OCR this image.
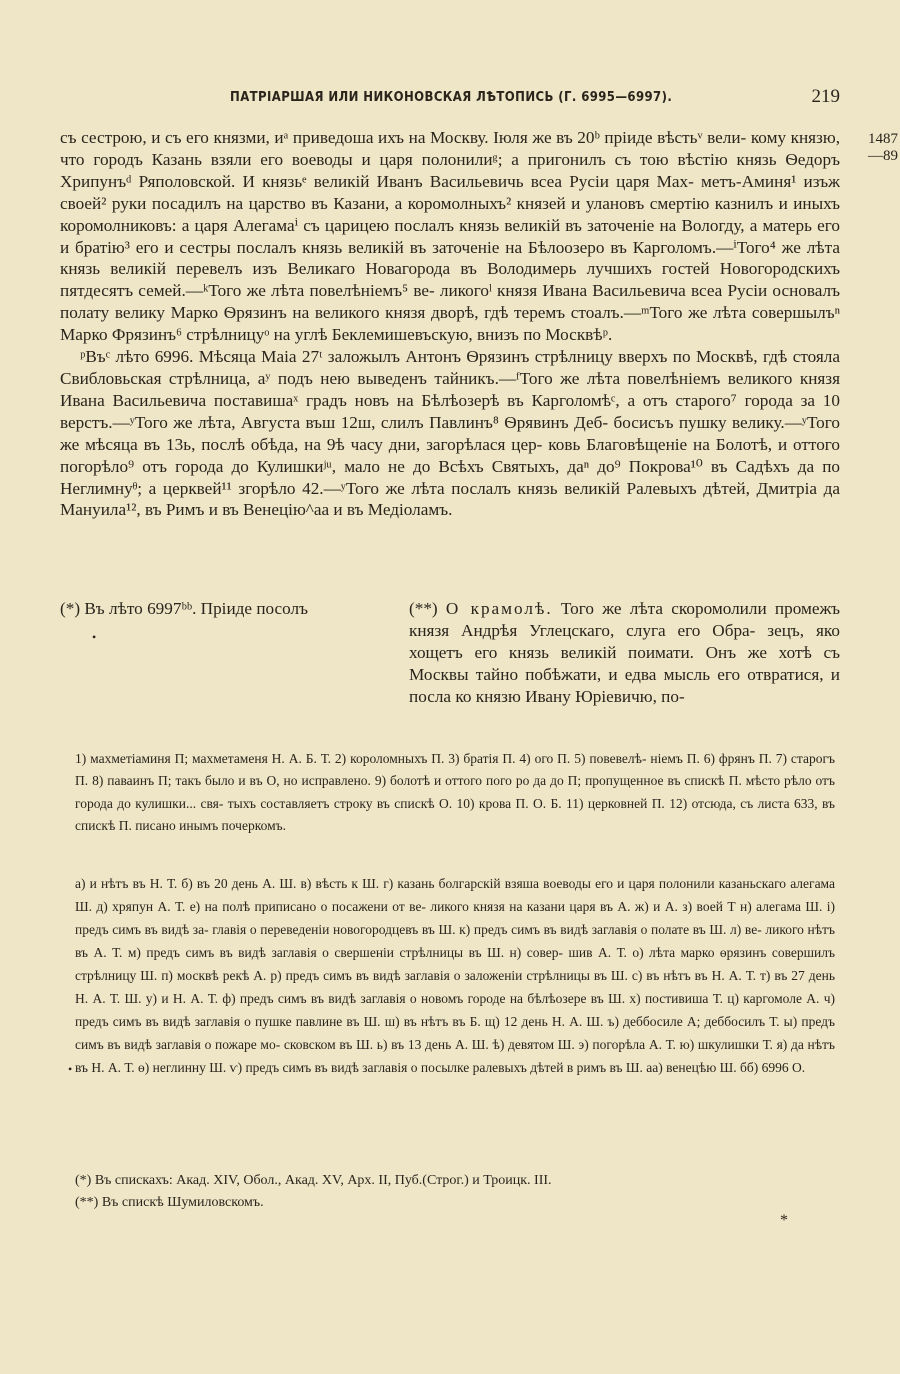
ПАТРІАРШАЯ ИЛИ НИКОНОВСКАЯ ЛѢТОПИСЬ (Г. 6995—6997).	219
1487
—89

съ сестрою, и съ его князми, иᵃ приведоша ихъ на Москву. Іюля же въ 20ᵇ пріиде вѣстьᵛ вели- кому князю, что городъ Казань взяли его воеводы и царя полонилиᵍ; а пригонилъ съ тою вѣстію князь Ѳедоръ Хрипунъᵈ Ряполовской. И князьᵉ великій Иванъ Васильевичь всеа Русіи царя Мах- метъ-Аминя¹ изъж своей² руки посадилъ на царство въ Казани, а коромолныхъ² князей и улановъ смертію казнилъ и иныхъ коромолниковъ: а царя Алегамаⁱ съ царицею послалъ князь великій въ заточеніе на Вологду, а матерь его и братію³ его и сестры послалъ князь великій въ заточеніе на Бѣлоозеро въ Карголомъ.—ⁱТого⁴ же лѣта князь великій перевелъ изъ Великаго Новагорода въ Володимерь лучшихъ гостей Новогородскихъ пятдесятъ семей.—ᵏТого же лѣта повелѣніемъ⁵ ве- ликогоˡ князя Ивана Васильевича всеа Русіи основалъ полату велику Марко Ѳрязинъ на великого князя дворѣ, гдѣ теремъ стоалъ.—ᵐТого же лѣта совершылъⁿ Марко Фрязинъ⁶ стрѣлницуᵒ на углѣ Беклемишевъскую, внизъ по Москвѣᵖ.

ᵖВъᶜ лѣто 6996. Мѣсяца Маіа 27ᵗ заложылъ Антонъ Ѳрязинъ стрѣлницу вверхъ по Москвѣ, гдѣ стояла Свибловьская стрѣлница, аʸ подъ нею выведенъ тайникъ.—ᶠТого же лѣта повелѣніемъ великого князя Ивана Васильевича поставишаˣ градъ новъ на Бѣлѣозерѣ въ Карголомѣᶜ, а отъ старого⁷ города за 10 верстъ.—ʸТого же лѣта, Августа въш 12ш, слилъ Павлинъ⁸ Ѳрявинъ Деб- босисъъ пушку велику.—ʸТого же мѣсяца въ 13ь, послѣ обѣда, на 9ѣ часу дни, загорѣлася цер- ковь Благовѣщеніе на Болотѣ, и оттого погорѣло⁹ отъ города до Кулишкиʲᵘ, мало не до Всѣхъ Святыхъ, даⁿ до⁹ Покрова¹⁰ въ Садѣхъ да по Неглимнуᶿ; а церквей¹¹ згорѣло 42.—ʸТого же лѣта послалъ князь великій Ралевыхъ дѣтей, Дмитріа да Мануила¹², въ Римъ и въ Венецію^аа и въ Медіоламъ.

(*) Въ лѣто 6997ᵇᵇ. Пріиде посолъ	(**) О крамолѣ. Того же лѣта скоромолили промежъ князя Андрѣя Углецскаго, слуга его Обра- зецъ, яко хощетъ его князь великій поимати. Онъ же хотѣ съ Москвы тайно побѣжати, и едва мысль его отвратися, и посла ко князю Ивану Юріевичю, по-
•

1) махметіаминя П; махметаменя Н. А. Б. Т. 2) короломныхъ П. 3) братія П. 4) ого П. 5) повевелѣ- ніемъ П. 6) фрянъ П. 7) старогъ П. 8) паваинъ П; такъ было и въ О, но исправлено. 9) болотѣ и оттого пого ро да до П; пропущенное въ спискѣ П. мѣсто рѣло отъ города до кулишки... свя- тыхъ составляетъ строку въ спискѣ О. 10) крова П. О. Б. 11) церковней П. 12) отсюда, съ листа 633, въ спискѣ П. писано инымъ почеркомъ.

а) и нѣтъ въ Н. Т. б) въ 20 день А. Ш. в) вѣсть к Ш. г) казань болгарскій взяша воеводы его и царя полонили казаньскаго алегама Ш. д) хряпун А. Т. е) на полѣ приписано о посажени от ве- ликого князя на казани царя въ А. ж) и А. з) воей Т н) алегама Ш. і) предъ симъ въ видѣ за- главія о переведеніи новогородцевъ въ Ш. к) предъ симъ въ видѣ заглавія о полате въ Ш. л) ве- ликого нѣтъ въ А. Т. м) предъ симъ въ видѣ заглавія о свершеніи стрѣлницы въ Ш. н) совер- шив А. Т. о) лѣта марко ѳрязинъ совершилъ стрѣлницу Ш. п) москвѣ рекѣ А. р) предъ симъ въ видѣ заглавія о заложеніи стрѣлницы въ Ш. с) въ нѣтъ въ Н. А. Т. т) въ 27 день Н. А. Т. Ш. у) и Н. А. Т. ф) предъ симъ въ видѣ заглавія о новомъ городе на бѣлѣозере въ Ш. х) постивиша Т. ц) каргомоле А. ч) предъ симъ въ видѣ заглавія о пушке павлине въ Ш. ш) въ нѣтъ въ Б. щ) 12 день Н. А. Ш. ъ) деббосиле А; деббосилъ Т. ы) предъ симъ въ видѣ заглавія о пожаре мо- сковском въ Ш. ь) въ 13 день А. Ш. ѣ) девятом Ш. э) погорѣла А. Т. ю) шкулишки Т. я) да нѣтъ въ Н. А. Т. ѳ) неглинну Ш. ѵ) предъ симъ въ видѣ заглавія о посылке ралевыхъ дѣтей в римъ въ Ш. аа) венецѣю Ш. бб) 6996 О.

•

(*) Въ спискахъ: Акад. XIV, Обол., Акад. XV, Арх. II, Пуб.(Строг.) и Троицк. III.

(**) Въ спискѣ Шумиловскомъ.

*
